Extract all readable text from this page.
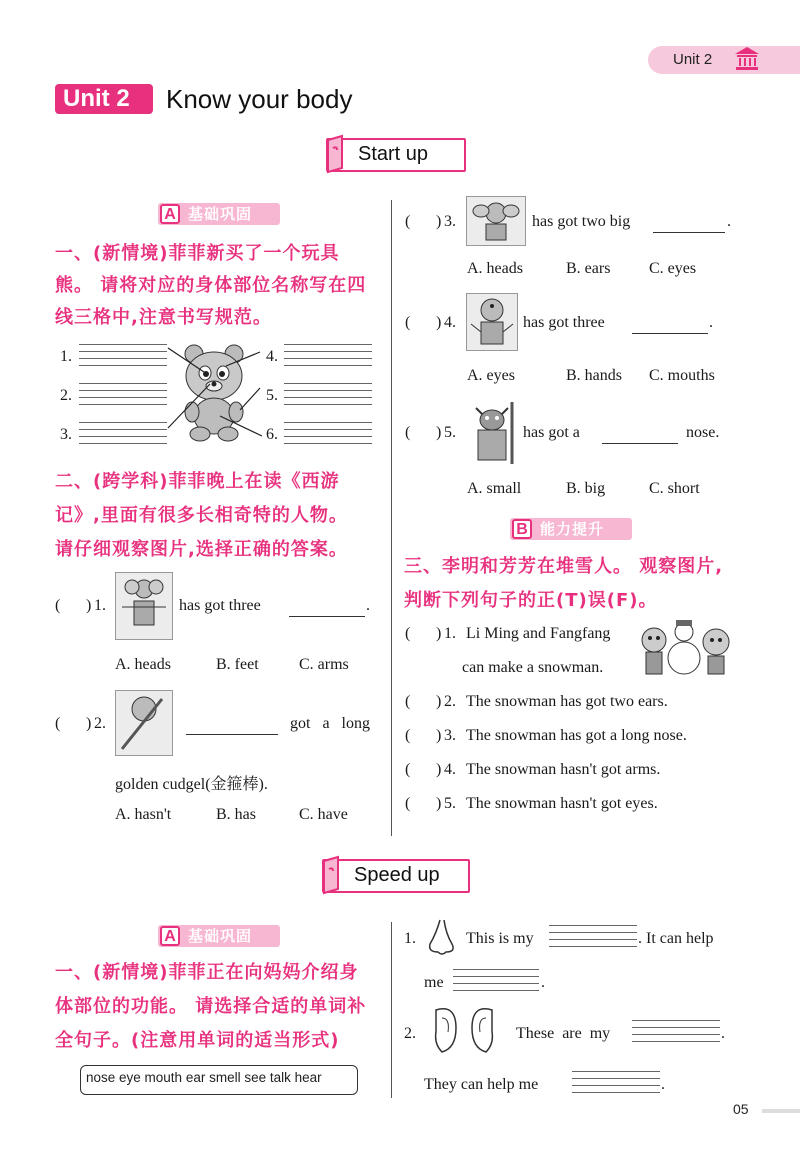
Unit 2
Unit 2 Know your body
Start up
A 基础巩固
一、(新情境)菲菲新买了一个玩具
熊。 请将对应的身体部位名称写在四
线三格中,注意书写规范。
1.
2.
3.
4.
5.
6.
二、(跨学科)菲菲晚上在读《西游
记》,里面有很多长相奇特的人物。
请仔细观察图片,选择正确的答案。
( ) 1.	has got three	.
A. heads	B. feet	C. arms
( ) 2.	got   a   long
golden cudgel(金箍棒).
A. hasn't	B. has	C. have
( ) 3.	has got two big	.
A. heads	B. ears C. eyes
( ) 4.	has got three	.
A. eyes	B. hands C. mouths
( ) 5.	has got a	nose.
A. small	B. big	C. short
B 能力提升
三、李明和芳芳在堆雪人。 观察图片,
判断下列句子的正(T)误(F)。
( ) 1. Li Ming and Fangfang
can make a snowman.
( ) 2. The snowman has got two ears.
( ) 3. The snowman has got a long nose.
( ) 4. The snowman hasn't got arms.
( ) 5. The snowman hasn't got eyes.
Speed up
A 基础巩固
一、(新情境)菲菲正在向妈妈介绍身
体部位的功能。 请选择合适的单词补
全句子。(注意用单词的适当形式)
nose eye mouth ear smell see talk hear
1.	This is my	. It can help
me	.
2.	These  are  my	.
They can help me	.
05
